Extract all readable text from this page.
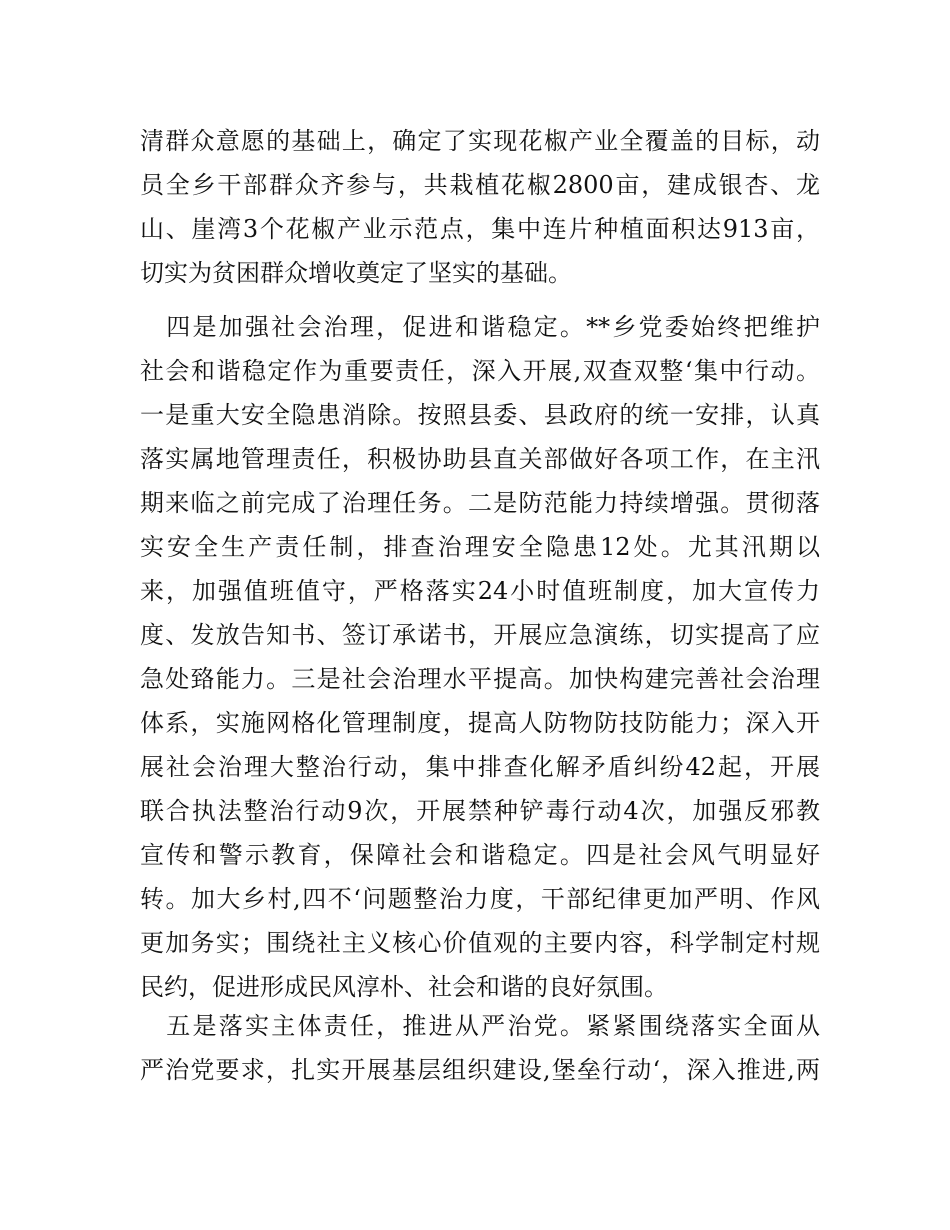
清群众意愿的基础上，确定了实现花椒产业全覆盖的目标，动
员全乡干部群众齐参与，共栽植花椒2800亩，建成银杏、龙
山、崖湾3个花椒产业示范点，集中连片种植面积达913亩，
切实为贫困群众增收奠定了坚实的基础。
　四是加强社会治理，促进和谐稳定。**乡党委始终把维护
社会和谐稳定作为重要责任，深入开展,双查双整‘集中行动。
一是重大安全隐患消除。按照县委、县政府的统一安排，认真
落实属地管理责任，积极协助县直关部做好各项工作，在主汛
期来临之前完成了治理任务。二是防范能力持续增强。贯彻落
实安全生产责任制，排查治理安全隐患12处。尤其汛期以
来，加强值班值守，严格落实24小时值班制度，加大宣传力
度、发放告知书、签订承诺书，开展应急演练，切实提高了应
急处臵能力。三是社会治理水平提高。加快构建完善社会治理
体系，实施网格化管理制度，提高人防物防技防能力；深入开
展社会治理大整治行动，集中排查化解矛盾纠纷42起，开展
联合执法整治行动9次，开展禁种铲毒行动4次，加强反邪教
宣传和警示教育，保障社会和谐稳定。四是社会风气明显好
转。加大乡村,四不‘问题整治力度，干部纪律更加严明、作风
更加务实；围绕社主义核心价值观的主要内容，科学制定村规
民约，促进形成民风淳朴、社会和谐的良好氛围。
　五是落实主体责任，推进从严治党。紧紧围绕落实全面从
严治党要求，扎实开展基层组织建设,堡垒行动‘，深入推进,两
